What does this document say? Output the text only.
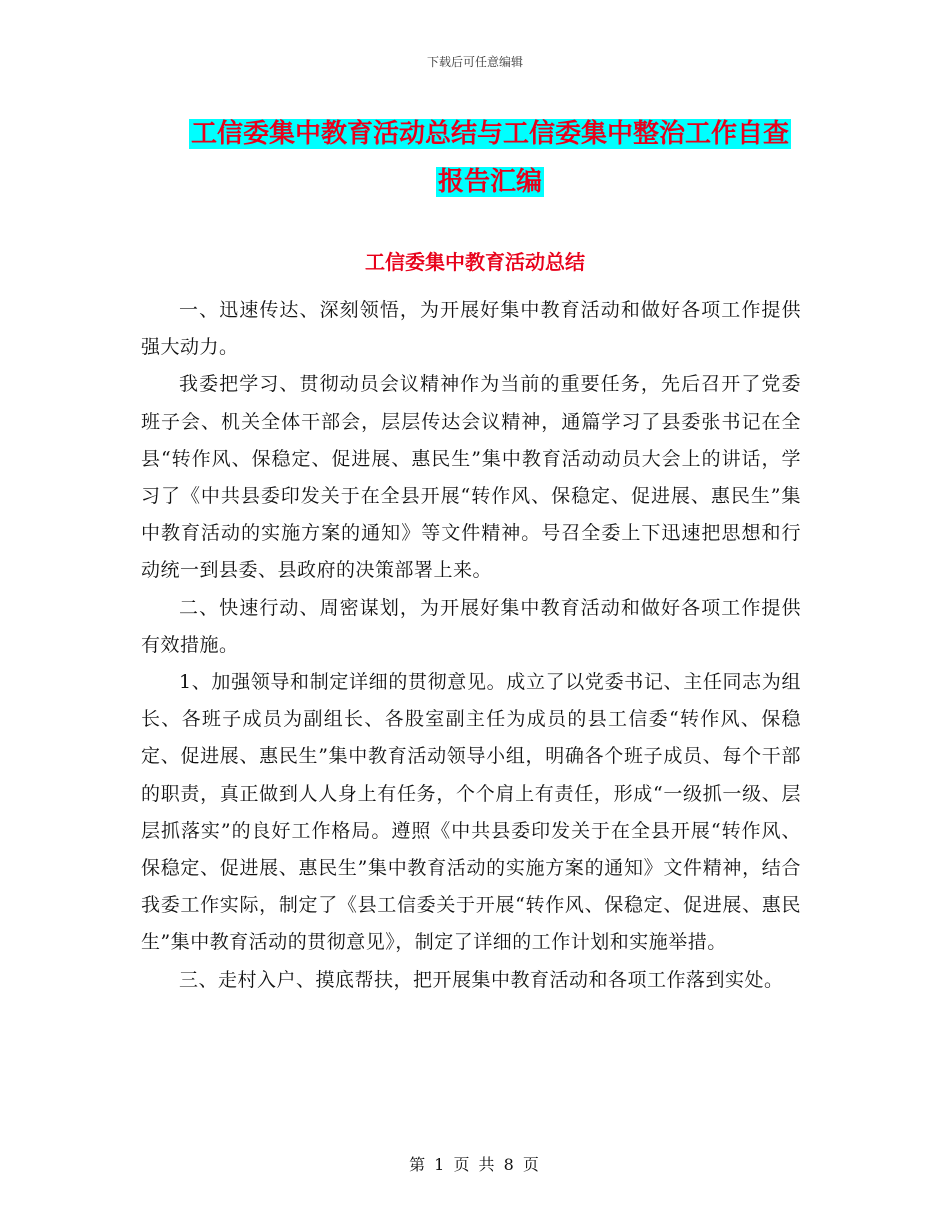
下载后可任意编辑
工信委集中教育活动总结与工信委集中整治工作自查
报告汇编
工信委集中教育活动总结

一、迅速传达、深刻领悟，为开展好集中教育活动和做好各项工作提供强大动力。

我委把学习、贯彻动员会议精神作为当前的重要任务，先后召开了党委班子会、机关全体干部会，层层传达会议精神，通篇学习了县委张书记在全县“转作风、保稳定、促进展、惠民生”集中教育活动动员大会上的讲话，学习了《中共县委印发关于在全县开展“转作风、保稳定、促进展、惠民生”集中教育活动的实施方案的通知》等文件精神。号召全委上下迅速把思想和行动统一到县委、县政府的决策部署上来。

二、快速行动、周密谋划，为开展好集中教育活动和做好各项工作提供有效措施。

1、加强领导和制定详细的贯彻意见。成立了以党委书记、主任同志为组长、各班子成员为副组长、各股室副主任为成员的县工信委“转作风、保稳定、促进展、惠民生”集中教育活动领导小组，明确各个班子成员、每个干部的职责，真正做到人人身上有任务，个个肩上有责任，形成“一级抓一级、层层抓落实”的良好工作格局。遵照《中共县委印发关于在全县开展“转作风、保稳定、促进展、惠民生”集中教育活动的实施方案的通知》文件精神，结合我委工作实际，制定了《县工信委关于开展“转作风、保稳定、促进展、惠民生”集中教育活动的贯彻意见》，制定了详细的工作计划和实施举措。

三、走村入户、摸底帮扶，把开展集中教育活动和各项工作落到实处。

第 1 页 共 8 页
